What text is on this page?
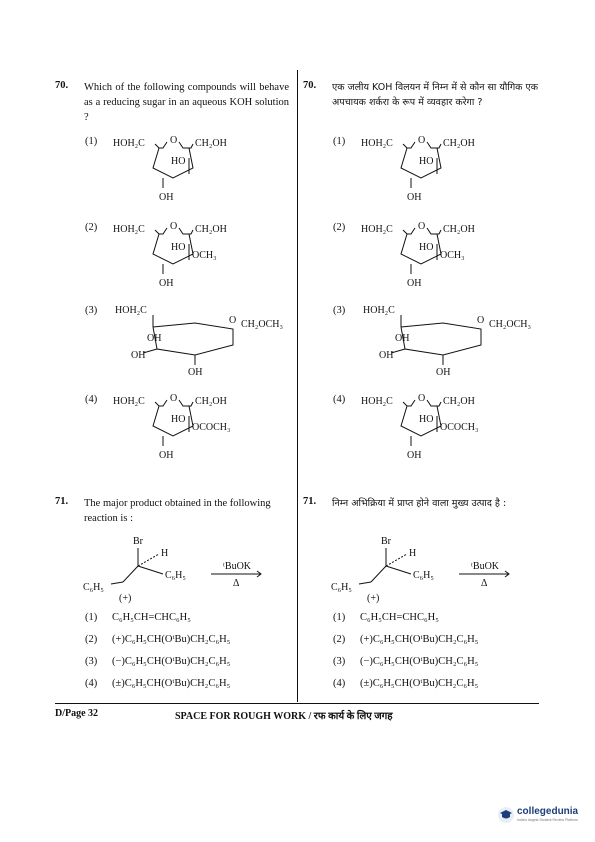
70. Which of the following compounds will behave as a reducing sugar in an aqueous KOH solution ?
70. एक जलीय KOH विलयन में निम्न में से कौन सा यौगिक एक अपचायक शर्करा के रूप में व्यवहार करेगा ?
(1) HOH₂C	O CH₂OH
OH
HO
(2) HOH₂C	O CH₂OH
OH
HO
OCH₃
(3) HOH₂C
O CH₂OCH₃
OH
OH
OH
(4) HOH₂C	O CH₂OH
OH
HO
OCOCH₃
(1) HOH₂C	O CH₂OH
OH
HO
(2) HOH₂C	O CH₂OH
OH
HO
OCH₃
(3) HOH₂C
O CH₂OCH₃
OH
OH
OH
(4) HOH₂C	O CH₂OH
OH
HO
OCOCH₃
71. The major product obtained in the following reaction is :
71. निम्न अभिक्रिया में प्राप्त होने वाला मुख्य उत्पाद है :
Br
H
C₆H₅
C₆H₅
(+)
ᵗBuOK
Δ
Br
H
C₆H₅
C₆H₅
(+)
ᵗBuOK
Δ
(1) C₆H₅CH=CHC₆H₅
(2) (+)C₆H₅CH(OᵗBu)CH₂C₆H₅
(3) (−)C₆H₅CH(OᵗBu)CH₂C₆H₅
(4) (±)C₆H₅CH(OᵗBu)CH₂C₆H₅
(1) C₆H₅CH=CHC₆H₅
(2) (+)C₆H₅CH(OᵗBu)CH₂C₆H₅
(3) (−)C₆H₅CH(OᵗBu)CH₂C₆H₅
(4) (±)C₆H₅CH(OᵗBu)CH₂C₆H₅
D/Page 32	SPACE FOR ROUGH WORK / रफ कार्य के लिए जगह
collegedunia
India's largest Student Review Platform
